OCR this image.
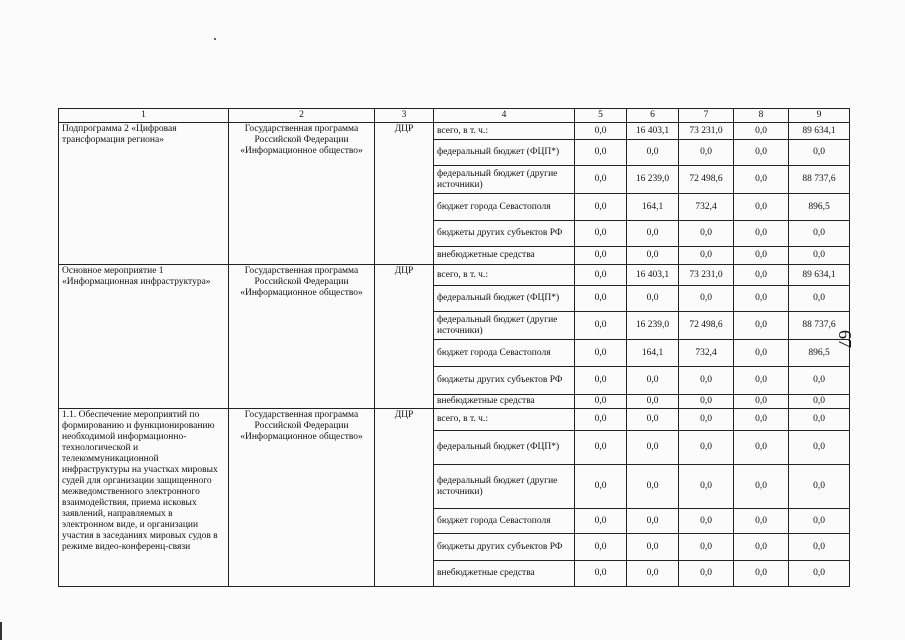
1	2	3	4	5	6	7	8	9
Подпрограмма 2 «Цифровая трансформация региона»	Государственная программа Российской Федерации «Информационное общество»	ДЦР	всего, в т. ч.:	0,0	16 403,1	73 231,0	0,0	89 634,1
			федеральный бюджет (ФЦП*)	0,0	0,0	0,0	0,0	0,0
			федеральный бюджет (другие источники)	0,0	16 239,0	72 498,6	0,0	88 737,6
			бюджет города Севастополя	0,0	164,1	732,4	0,0	896,5
			бюджеты других субъектов РФ	0,0	0,0	0,0	0,0	0,0
			внебюджетные средства	0,0	0,0	0,0	0,0	0,0
Основное мероприятие 1 «Информационная инфраструктура»	Государственная программа Российской Федерации «Информационное общество»	ДЦР	всего, в т. ч.:	0,0	16 403,1	73 231,0	0,0	89 634,1
			федеральный бюджет (ФЦП*)	0,0	0,0	0,0	0,0	0,0
			федеральный бюджет (другие источники)	0,0	16 239,0	72 498,6	0,0	88 737,6
			бюджет города Севастополя	0,0	164,1	732,4	0,0	896,5
			бюджеты других субъектов РФ	0,0	0,0	0,0	0,0	0,0
			внебюджетные средства	0,0	0,0	0,0	0,0	0,0
1.1. Обеспечение мероприятий по формированию и функционированию необходимой информационно-технологической и телекоммуникационной инфраструктуры на участках мировых судей для организации защищенного межведомственного электронного взаимодействия, приема исковых заявлений, направляемых в электронном виде, и организации участия в заседаниях мировых судов в режиме видео-конференц-связи	Государственная программа Российской Федерации «Информационное общество»	ДЦР	всего, в т. ч.:	0,0	0,0	0,0	0,0	0,0
			федеральный бюджет (ФЦП*)	0,0	0,0	0,0	0,0	0,0
			федеральный бюджет (другие источники)	0,0	0,0	0,0	0,0	0,0
			бюджет города Севастополя	0,0	0,0	0,0	0,0	0,0
			бюджеты других субъектов РФ	0,0	0,0	0,0	0,0	0,0
			внебюджетные средства	0,0	0,0	0,0	0,0	0,0
67
